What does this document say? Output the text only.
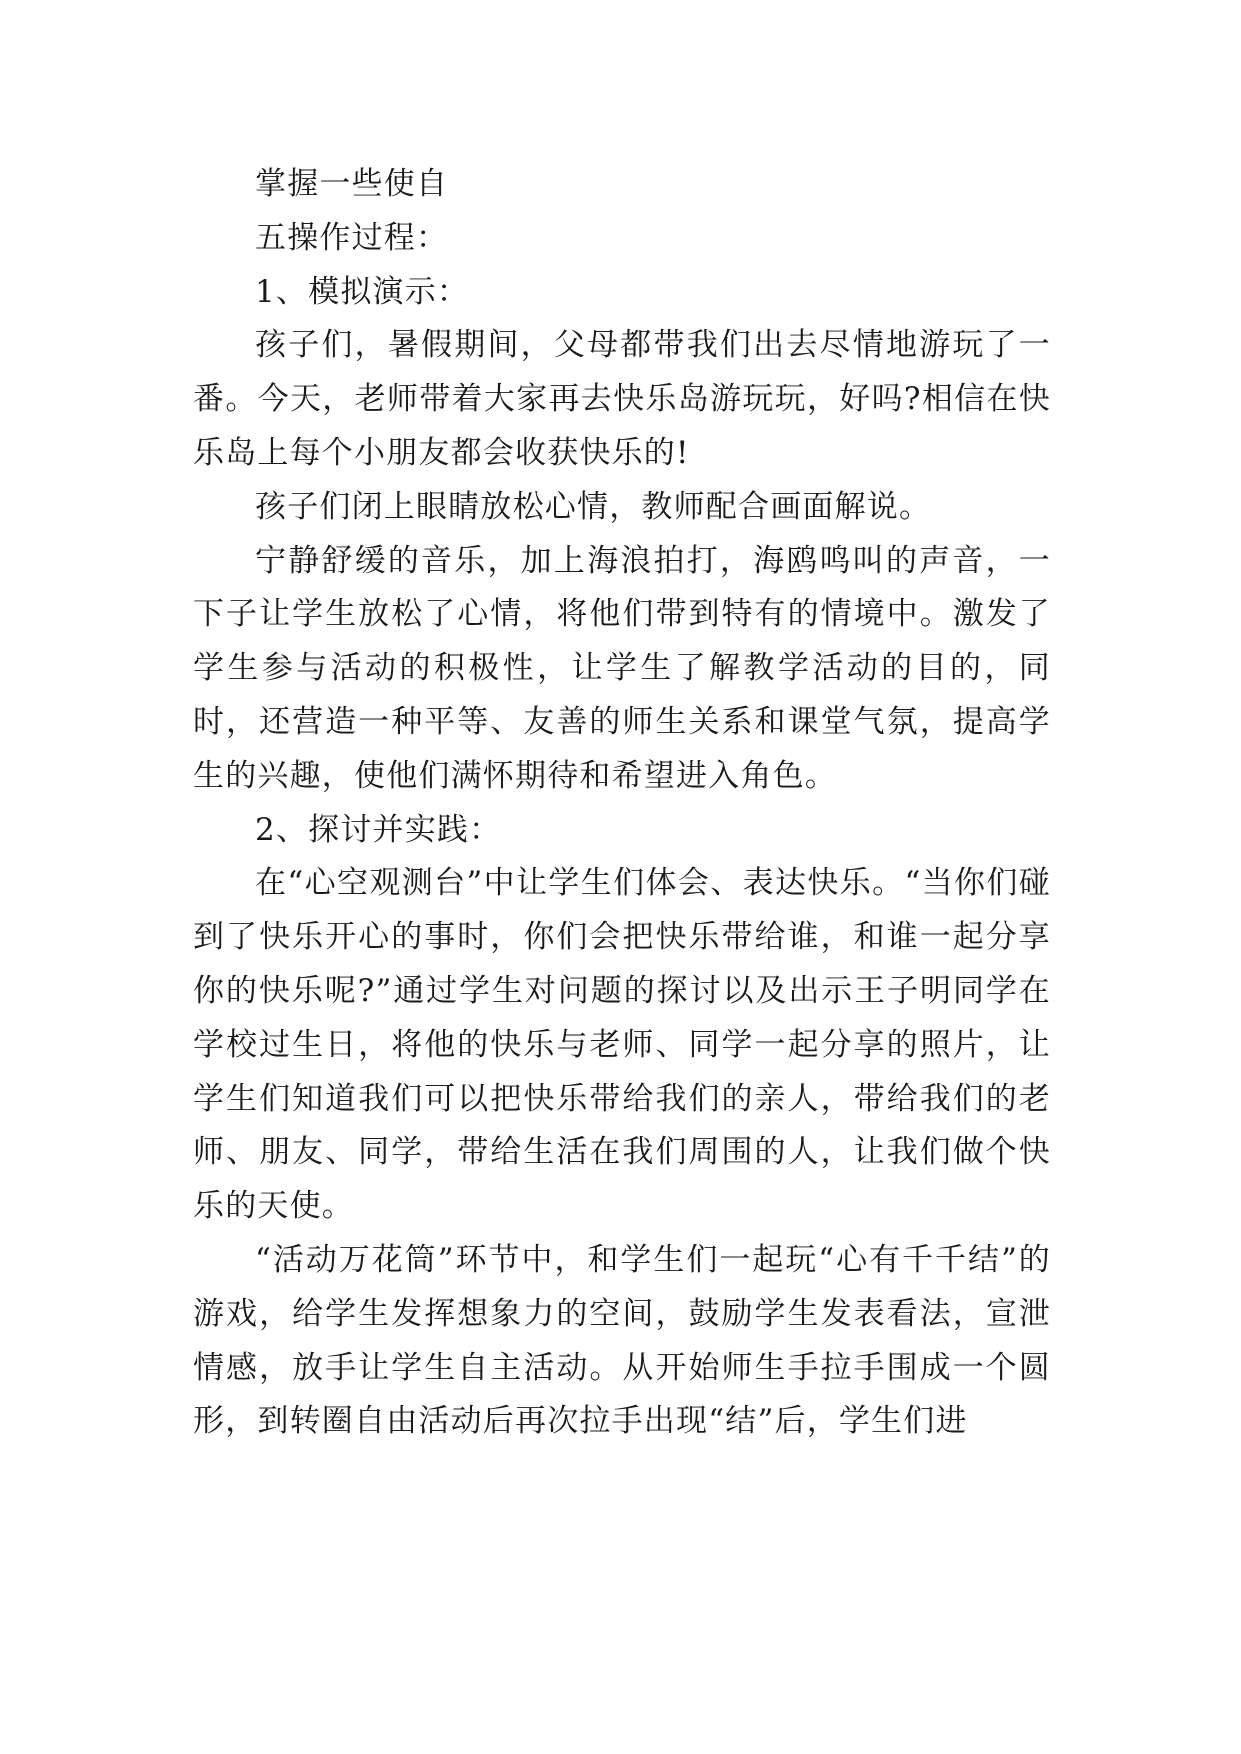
掌握一些使自

五操作过程：

1、模拟演示：

孩子们，暑假期间，父母都带我们出去尽情地游玩了一番。今天，老师带着大家再去快乐岛游玩玩，好吗?相信在快乐岛上每个小朋友都会收获快乐的!

孩子们闭上眼睛放松心情，教师配合画面解说。

宁静舒缓的音乐，加上海浪拍打，海鸥鸣叫的声音，一下子让学生放松了心情，将他们带到特有的情境中。激发了学生参与活动的积极性，让学生了解教学活动的目的，同时，还营造一种平等、友善的师生关系和课堂气氛，提高学生的兴趣，使他们满怀期待和希望进入角色。

2、探讨并实践：

在“心空观测台”中让学生们体会、表达快乐。“当你们碰到了快乐开心的事时，你们会把快乐带给谁，和谁一起分享你的快乐呢?”通过学生对问题的探讨以及出示王子明同学在学校过生日，将他的快乐与老师、同学一起分享的照片，让学生们知道我们可以把快乐带给我们的亲人，带给我们的老师、朋友、同学，带给生活在我们周围的人，让我们做个快乐的天使。

“活动万花筒”环节中，和学生们一起玩“心有千千结”的游戏，给学生发挥想象力的空间，鼓励学生发表看法，宣泄情感，放手让学生自主活动。从开始师生手拉手围成一个圆形，到转圈自由活动后再次拉手出现“结”后，学生们进
